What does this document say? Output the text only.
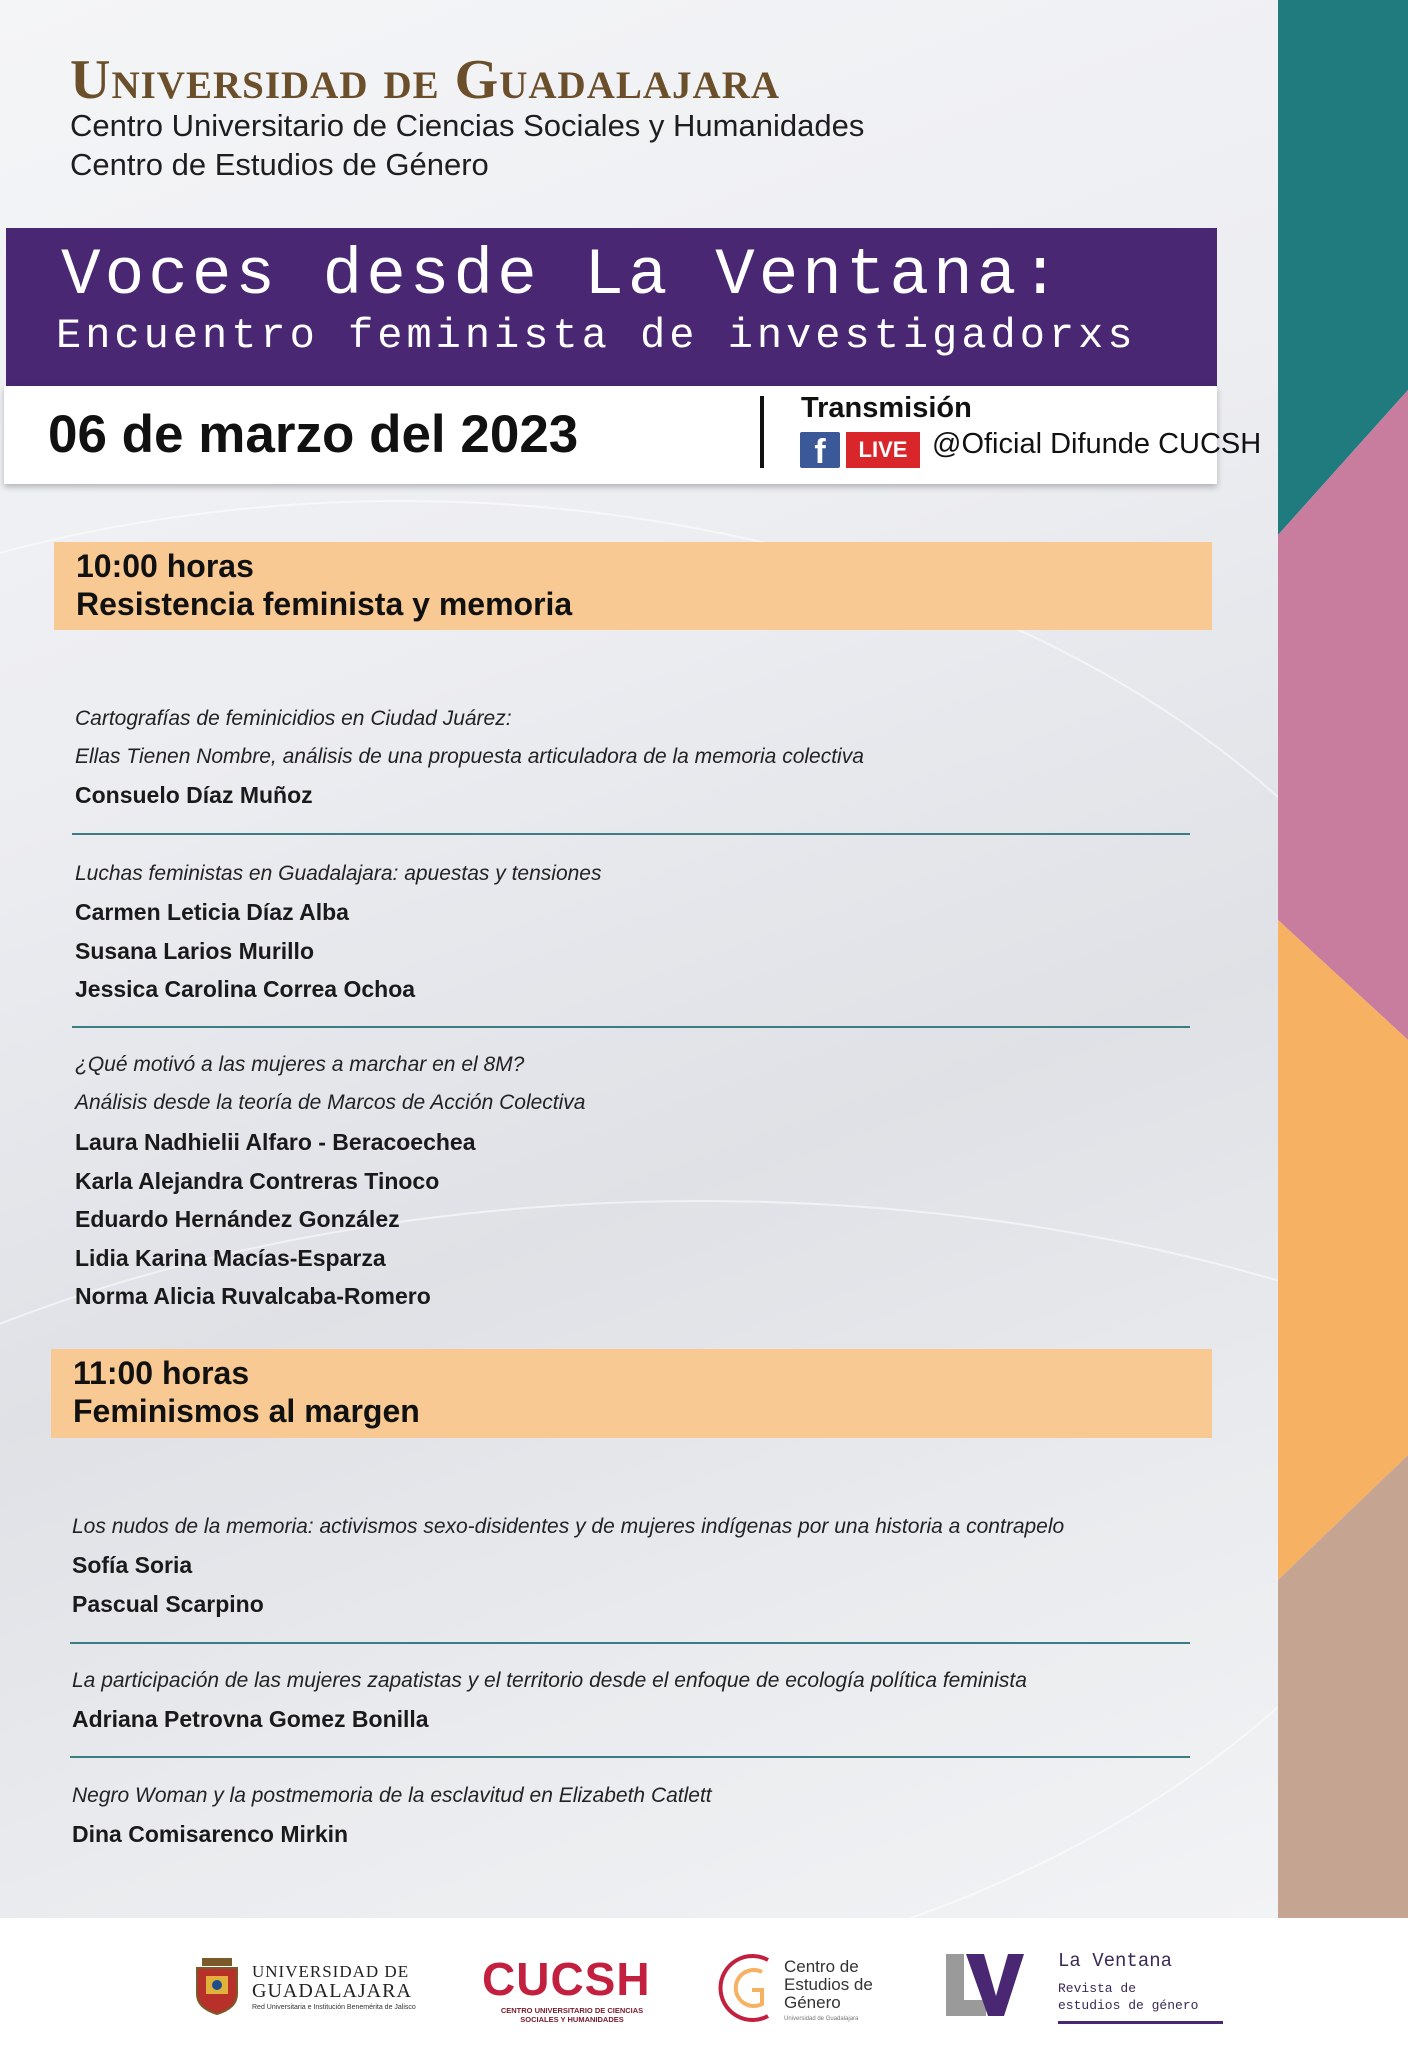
Universidad de Guadalajara
Centro Universitario de Ciencias Sociales y Humanidades
Centro de Estudios de Género
Voces desde La Ventana:
Encuentro feminista de investigadorxs
06 de marzo del 2023	Transmisión
f	LIVE @Oficial Difunde CUCSH
10:00 horas
Resistencia feminista y memoria
Cartografías de feminicidios en Ciudad Juárez:
Ellas Tienen Nombre, análisis de una propuesta articuladora de la memoria colectiva
Consuelo Díaz Muñoz
Luchas feministas en Guadalajara: apuestas y tensiones
Carmen Leticia Díaz Alba
Susana Larios Murillo
Jessica Carolina Correa Ochoa
¿Qué motivó a las mujeres a marchar en el 8M?
Análisis desde la teoría de Marcos de Acción Colectiva
Laura Nadhielii Alfaro - Beracoechea
Karla Alejandra Contreras Tinoco
Eduardo Hernández González
Lidia Karina Macías-Esparza
Norma Alicia Ruvalcaba-Romero
11:00 horas
Feminismos al margen
Los nudos de la memoria: activismos sexo-disidentes y de mujeres indígenas por una historia a contrapelo
Sofía Soria
Pascual Scarpino
La participación de las mujeres zapatistas y el territorio desde el enfoque de ecología política feminista
Adriana Petrovna Gomez Bonilla
Negro Woman y la postmemoria de la esclavitud en Elizabeth Catlett
Dina Comisarenco Mirkin
UNIVERSIDAD DE
GUADALAJARA
Red Universitaria e Institución Benemérita de Jalisco
CUCSH
CENTRO UNIVERSITARIO DE CIENCIAS SOCIALES Y HUMANIDADES
Centro de
Estudios de
Género
Universidad de Guadalajara
La Ventana
Revista de
estudios de género
